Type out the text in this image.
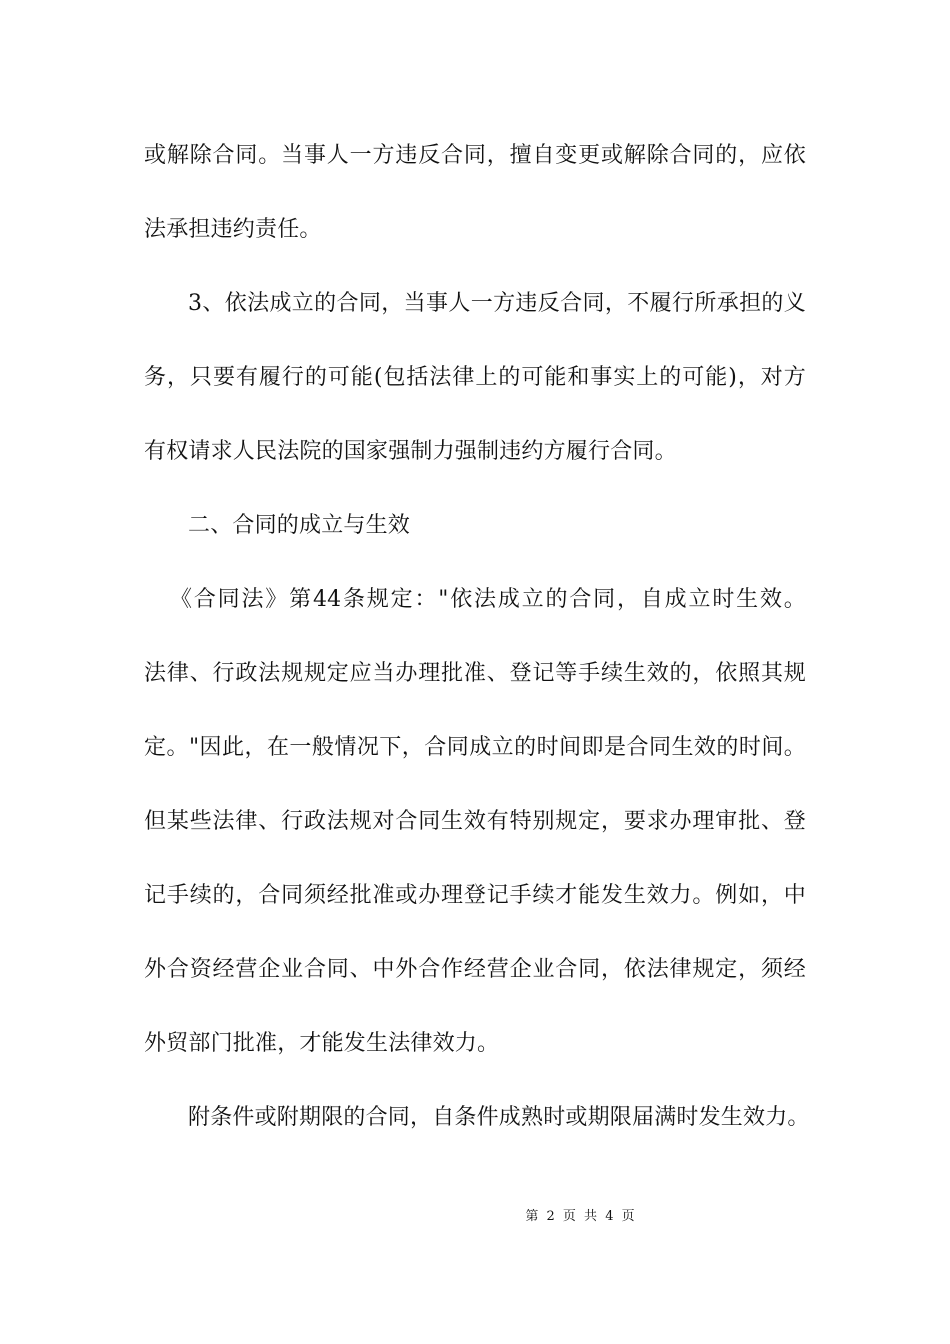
或解除合同。当事人一方违反合同，擅自变更或解除合同的，应依
法承担违约责任。
3、依法成立的合同，当事人一方违反合同，不履行所承担的义
务，只要有履行的可能(包括法律上的可能和事实上的可能)，对方
有权请求人民法院的国家强制力强制违约方履行合同。
二、合同的成立与生效
《合同法》第44条规定："依法成立的合同，自成立时生效。
法律、行政法规规定应当办理批准、登记等手续生效的，依照其规
定。"因此，在一般情况下，合同成立的时间即是合同生效的时间。
但某些法律、行政法规对合同生效有特别规定，要求办理审批、登
记手续的，合同须经批准或办理登记手续才能发生效力。例如，中
外合资经营企业合同、中外合作经营企业合同，依法律规定，须经
外贸部门批准，才能发生法律效力。
附条件或附期限的合同，自条件成熟时或期限届满时发生效力。
第 2 页 共 4 页
